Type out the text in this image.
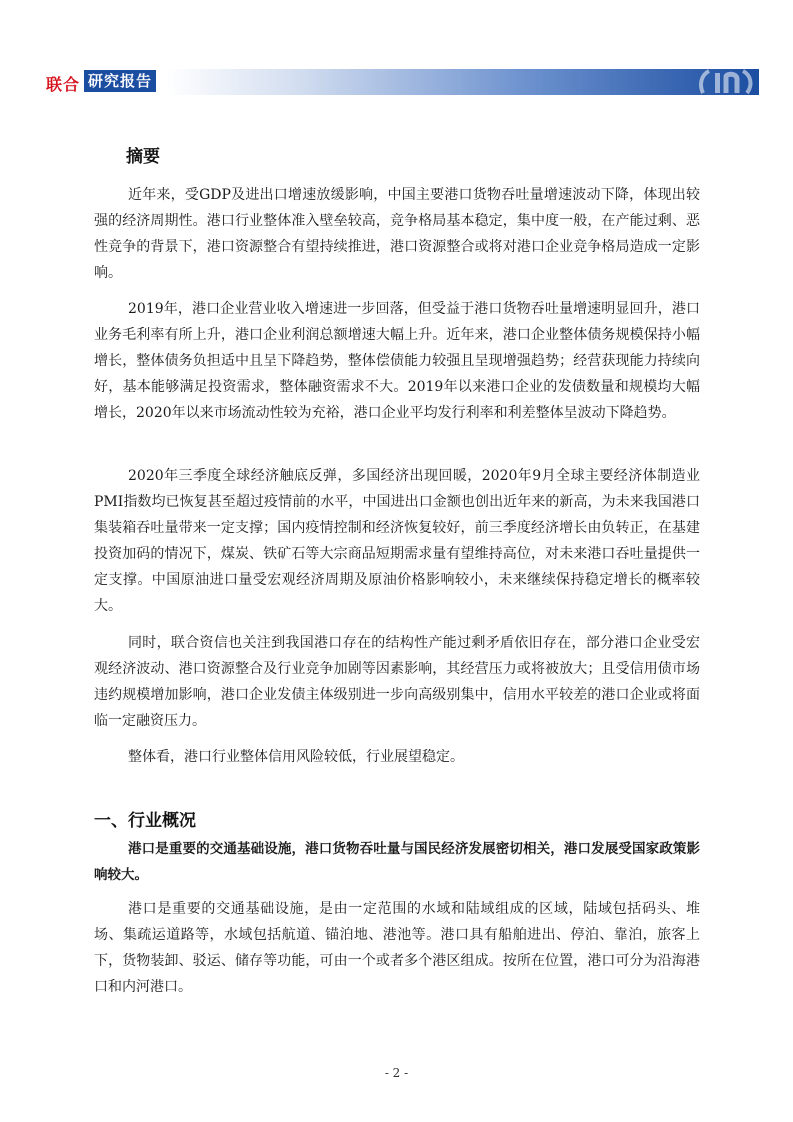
联合 研究报告
摘要

近年来，受GDP及进出口增速放缓影响，中国主要港口货物吞吐量增速波动下降，体现出较强的经济周期性。港口行业整体准入壁垒较高，竞争格局基本稳定，集中度一般，在产能过剩、恶性竞争的背景下，港口资源整合有望持续推进，港口资源整合或将对港口企业竞争格局造成一定影响。

2019年，港口企业营业收入增速进一步回落，但受益于港口货物吞吐量增速明显回升，港口业务毛利率有所上升，港口企业利润总额增速大幅上升。近年来，港口企业整体债务规模保持小幅增长，整体债务负担适中且呈下降趋势，整体偿债能力较强且呈现增强趋势；经营获现能力持续向好，基本能够满足投资需求，整体融资需求不大。2019年以来港口企业的发债数量和规模均大幅增长，2020年以来市场流动性较为充裕，港口企业平均发行利率和利差整体呈波动下降趋势。

2020年三季度全球经济触底反弹，多国经济出现回暖，2020年9月全球主要经济体制造业PMI指数均已恢复甚至超过疫情前的水平，中国进出口金额也创出近年来的新高，为未来我国港口集装箱吞吐量带来一定支撑；国内疫情控制和经济恢复较好，前三季度经济增长由负转正，在基建投资加码的情况下，煤炭、铁矿石等大宗商品短期需求量有望维持高位，对未来港口吞吐量提供一定支撑。中国原油进口量受宏观经济周期及原油价格影响较小，未来继续保持稳定增长的概率较大。

同时，联合资信也关注到我国港口存在的结构性产能过剩矛盾依旧存在，部分港口企业受宏观经济波动、港口资源整合及行业竞争加剧等因素影响，其经营压力或将被放大；且受信用债市场违约规模增加影响，港口企业发债主体级别进一步向高级别集中，信用水平较差的港口企业或将面临一定融资压力。

整体看，港口行业整体信用风险较低，行业展望稳定。

一、行业概况

港口是重要的交通基础设施，港口货物吞吐量与国民经济发展密切相关，港口发展受国家政策影响较大。

港口是重要的交通基础设施，是由一定范围的水域和陆域组成的区域，陆域包括码头、堆场、集疏运道路等，水域包括航道、锚泊地、港池等。港口具有船舶进出、停泊、靠泊，旅客上下，货物装卸、驳运、储存等功能，可由一个或者多个港区组成。按所在位置，港口可分为沿海港口和内河港口。

- 2 -
